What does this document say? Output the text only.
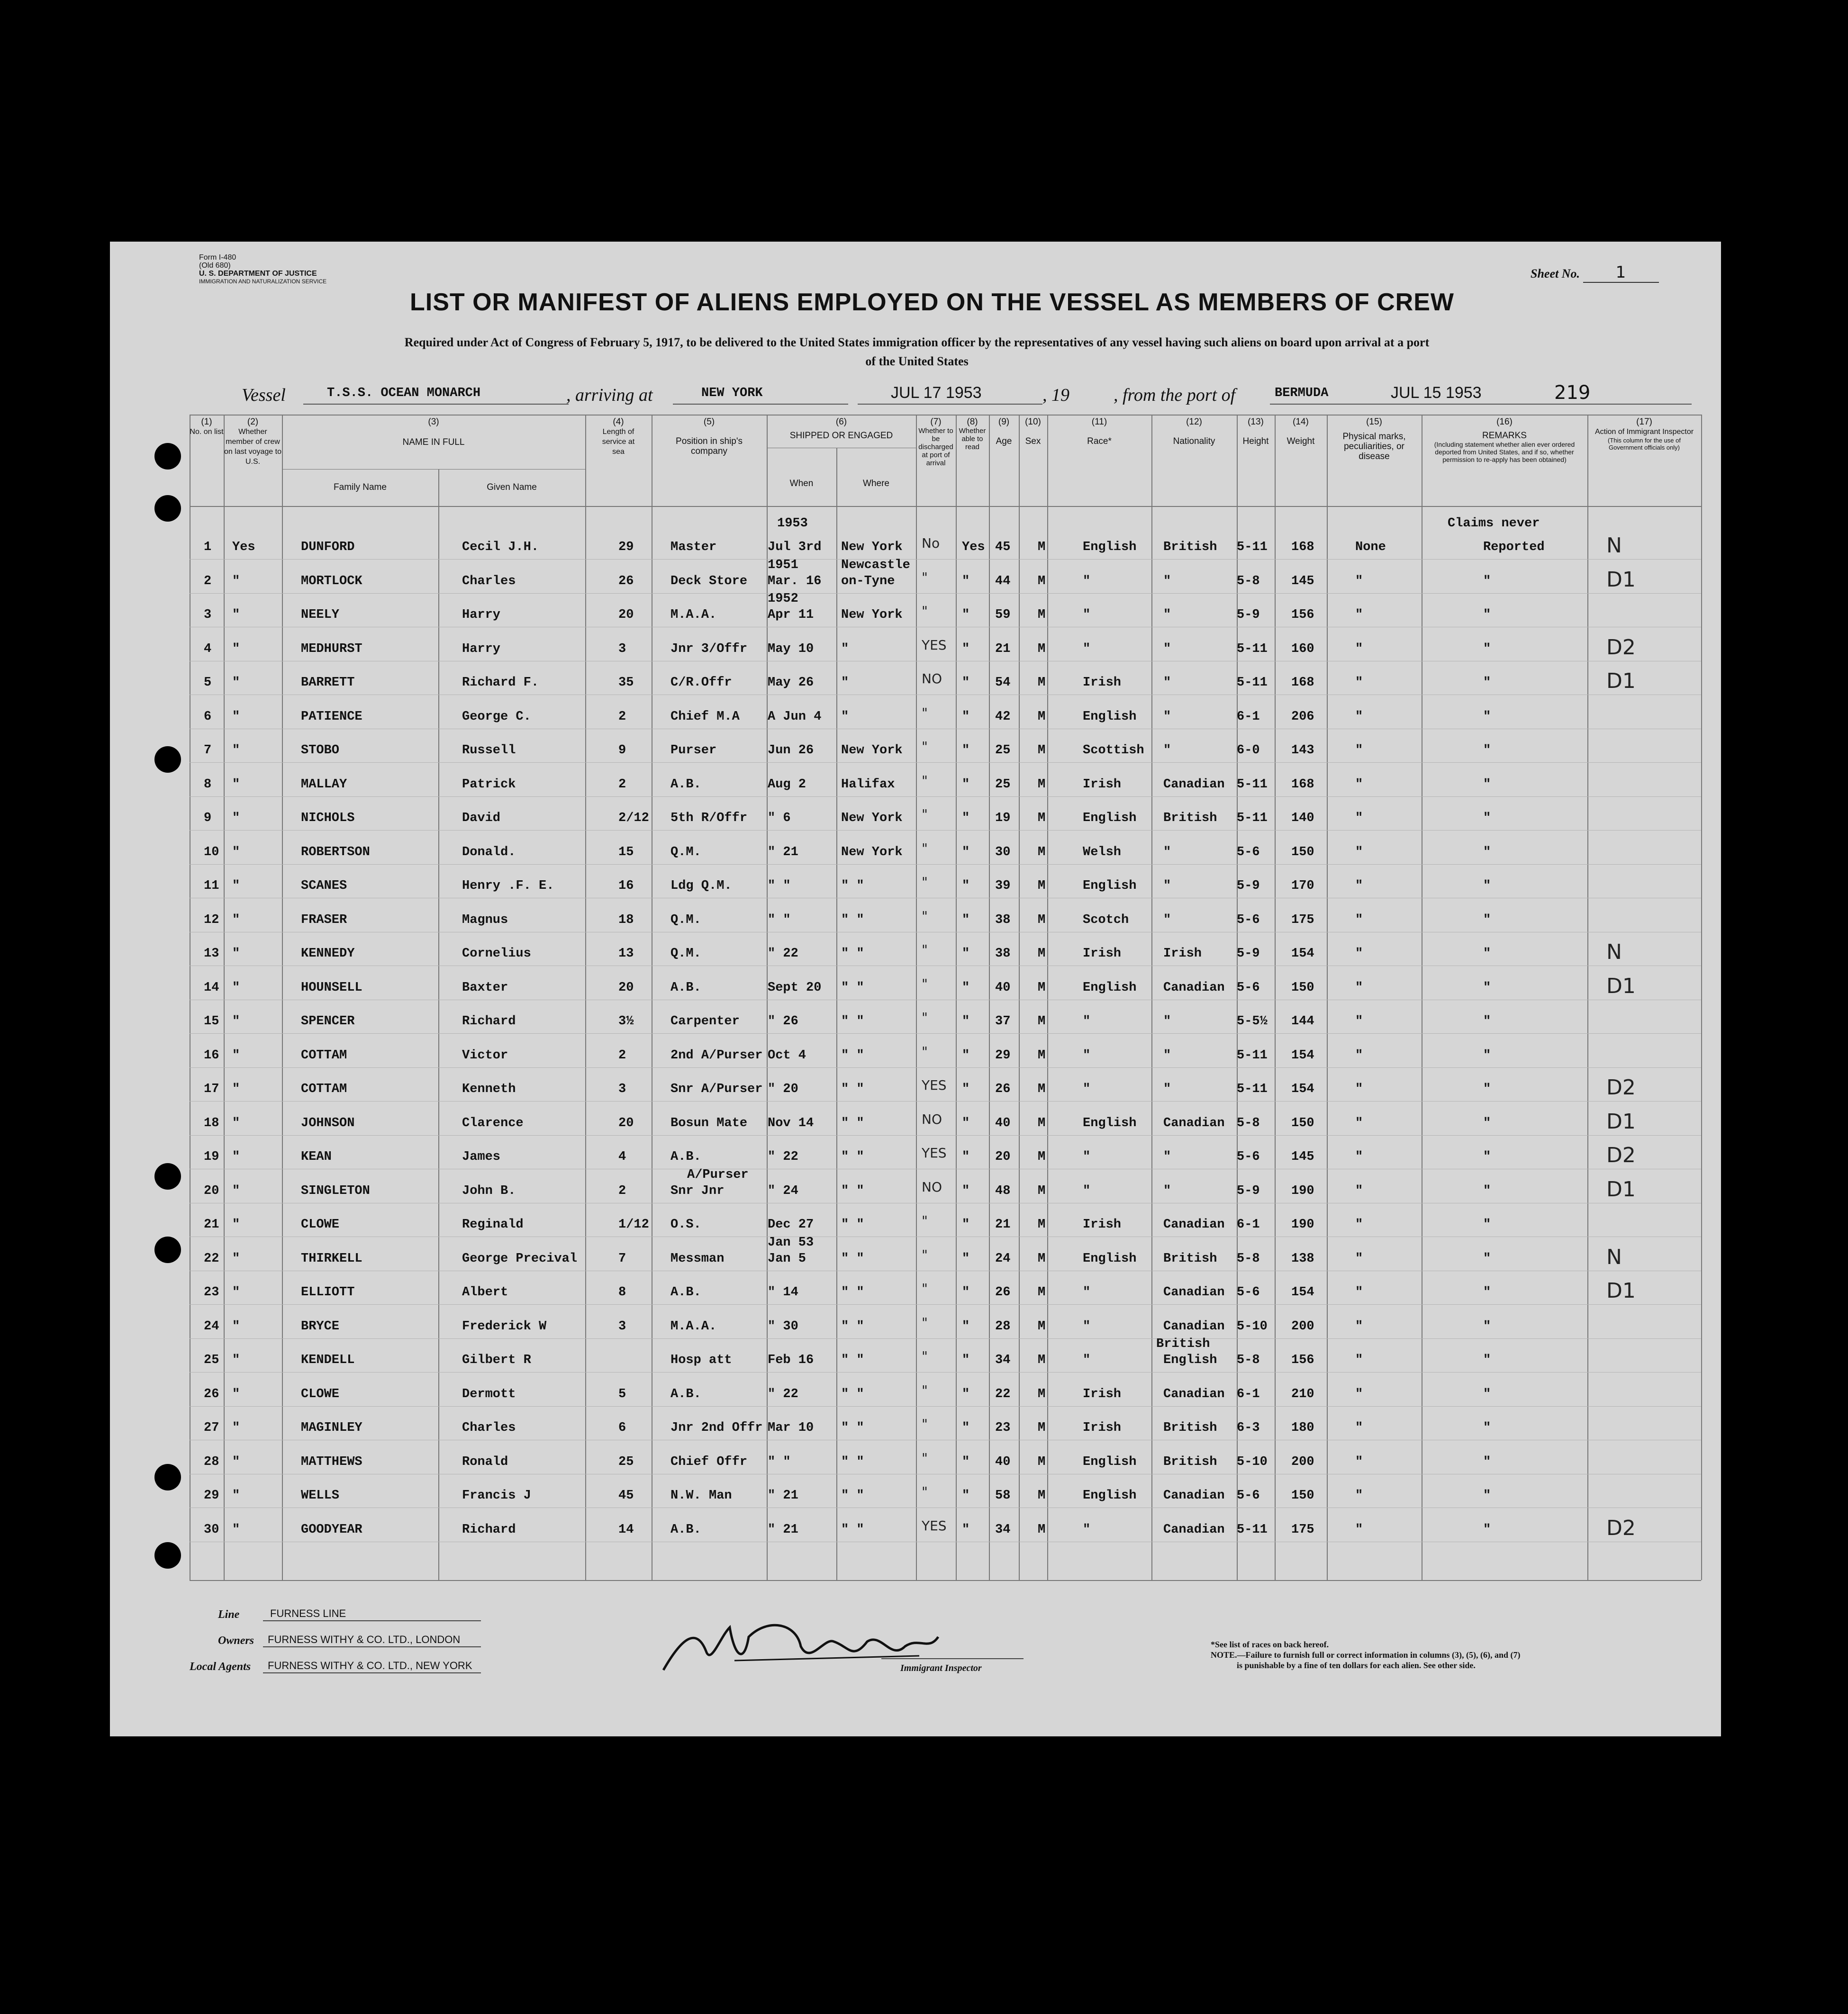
Form I-480
(Old 680)
U. S. DEPARTMENT OF JUSTICE
IMMIGRATION AND NATURALIZATION SERVICE
Sheet No. 1
LIST OR MANIFEST OF ALIENS EMPLOYED ON THE VESSEL AS MEMBERS OF CREW
Required under Act of Congress of February 5, 1917, to be delivered to the United States immigration officer by the representatives of any vessel having such aliens on board upon arrival at a port
of the United States
Vessel	T.S.S. OCEAN MONARCH	, arriving at	NEW YORK	JUL 17 1953	, 19 , from the port of	BERMUDA	JUL 15 1953	219
(1)
No. on list
(2)
Whether member of crew on last voyage to U.S.
(3)
NAME IN FULL
Family Name	Given Name
(4)
Length of service at sea
(5)
Position in ship's company
(6)
SHIPPED OR ENGAGED
When	Where
(7)
Whether to be discharged at port of arrival
(8)
Whether able to read
(9)
Age
(10)
Sex
(11)
Race*
(12)
Nationality
(13)
Height
(14)
Weight
(15)
Physical marks, peculiarities, or disease
(16)
REMARKS
(Including statement whether alien ever ordered deported from United States, and if so, whether permission to re-apply has been obtained)
(17)
Action of Immigrant Inspector
(This column for the use of Government officials only)
1953	Claims never
1 Yes	DUNFORD	Cecil J.H.	29	Master	Jul 3rd New York No Yes 45 M	English British 5-11 168	None	Reported	N
2 "	MORTLOCK	Charles	26	Deck Store Mar. 16 on-Tyne "	" 44 M	"	"	5-8 145	"	"	D1
1951	Newcastle
3 "	NEELY	Harry	20	M.A.A.	Apr 11 New York "	" 59 M	"	"	5-9 156	"	"
1952
4 "	MEDHURST	Harry	3	Jnr 3/Offr May 10 "	YES " 21 M	"	"	5-11 160	"	"	D2
5 "	BARRETT	Richard F.	35	C/R.Offr	May 26 "	NO " 54 M	Irish	"	5-11 168	"	"	D1
6 "	PATIENCE	George C.	2	Chief M.A A Jun 4 "	"	" 42 M	English "	6-1 206	"	"
7 "	STOBO	Russell	9	Purser	Jun 26 New York "	" 25 M	Scottish "	6-0 143	"	"
8 "	MALLAY	Patrick	2	A.B.	Aug 2	Halifax "	" 25 M	Irish	Canadian 5-11 168	"	"
9 "	NICHOLS	David	2/12 5th R/Offr " 6	New York "	" 19 M	English British 5-11 140	"	"
10 "	ROBERTSON	Donald.	15	Q.M.	" 21	New York "	" 30 M	Welsh	"	5-6 150	"	"
11 "	SCANES	Henry .F. E.	16	Ldg Q.M.	" "	" "	"	" 39 M	English "	5-9 170	"	"
12 "	FRASER	Magnus	18	Q.M.	" "	" "	"	" 38 M	Scotch	"	5-6 175	"	"
13 "	KENNEDY	Cornelius	13	Q.M.	" 22	" "	"	" 38 M	Irish	Irish	5-9 154	"	"	N
14 "	HOUNSELL	Baxter	20	A.B.	Sept 20 " "	"	" 40 M	English Canadian 5-6 150	"	"	D1
15 "	SPENCER	Richard	3½	Carpenter " 26	" "	"	" 37 M	"	"	5-5½ 144	"	"
16 "	COTTAM	Victor	2	2nd A/Purser Oct 4	" "	"	" 29 M	"	"	5-11 154	"	"
17 "	COTTAM	Kenneth	3	Snr A/Purser " 20	" "	YES " 26 M	"	"	5-11 154	"	"	D2
18 "	JOHNSON	Clarence	20	Bosun Mate Nov 14 " "	NO " 40 M	English Canadian 5-8 150	"	"	D1
19 "	KEAN	James	4	A.B.	" 22	" "	YES " 20 M	"	"	5-6 145	"	"	D2
20 "	SINGLETON	John B.	2	Snr Jnr	" 24	" "	NO " 48 M	"	"	5-9 190	"	"	D1
A/Purser
21 "	CLOWE	Reginald	1/12 O.S.	Dec 27 " "	"	" 21 M	Irish	Canadian 6-1 190	"	"
22 "	THIRKELL	George Precival	7	Messman	Jan 5	" "	"	" 24 M	English British 5-8 138	"	"	N
Jan 53
23 "	ELLIOTT	Albert	8	A.B.	" 14	" "	"	" 26 M	"	Canadian 5-6 154	"	"	D1
24 "	BRYCE	Frederick W	3	M.A.A.	" 30	" "	"	" 28 M	"	Canadian 5-10 200	"	"
25 "	KENDELL	Gilbert R	Hosp att	Feb 16 " "	"	" 34 M	"	English 5-8 156	"	"
British
26 "	CLOWE	Dermott	5	A.B.	" 22	" "	"	" 22 M	Irish	Canadian 6-1 210	"	"
27 "	MAGINLEY	Charles	6	Jnr 2nd Offr Mar 10 " "	"	" 23 M	Irish	British 6-3 180	"	"
28 "	MATTHEWS	Ronald	25	Chief Offr " "	" "	"	" 40 M	English British 5-10 200	"	"
29 "	WELLS	Francis J	45	N.W. Man	" 21	" "	"	" 58 M	English Canadian 5-6 150	"	"
30 "	GOODYEAR	Richard	14	A.B.	" 21	" "	YES " 34 M	"	Canadian 5-11 175	"	"	D2
Line	FURNESS LINE
Owners FURNESS WITHY & CO. LTD., LONDON
Local Agents FURNESS WITHY & CO. LTD., NEW YORK	Immigrant Inspector
*See list of races on back hereof.
NOTE.—Failure to furnish full or correct information in columns (3), (5), (6), and (7)
is punishable by a fine of ten dollars for each alien. See other side.
